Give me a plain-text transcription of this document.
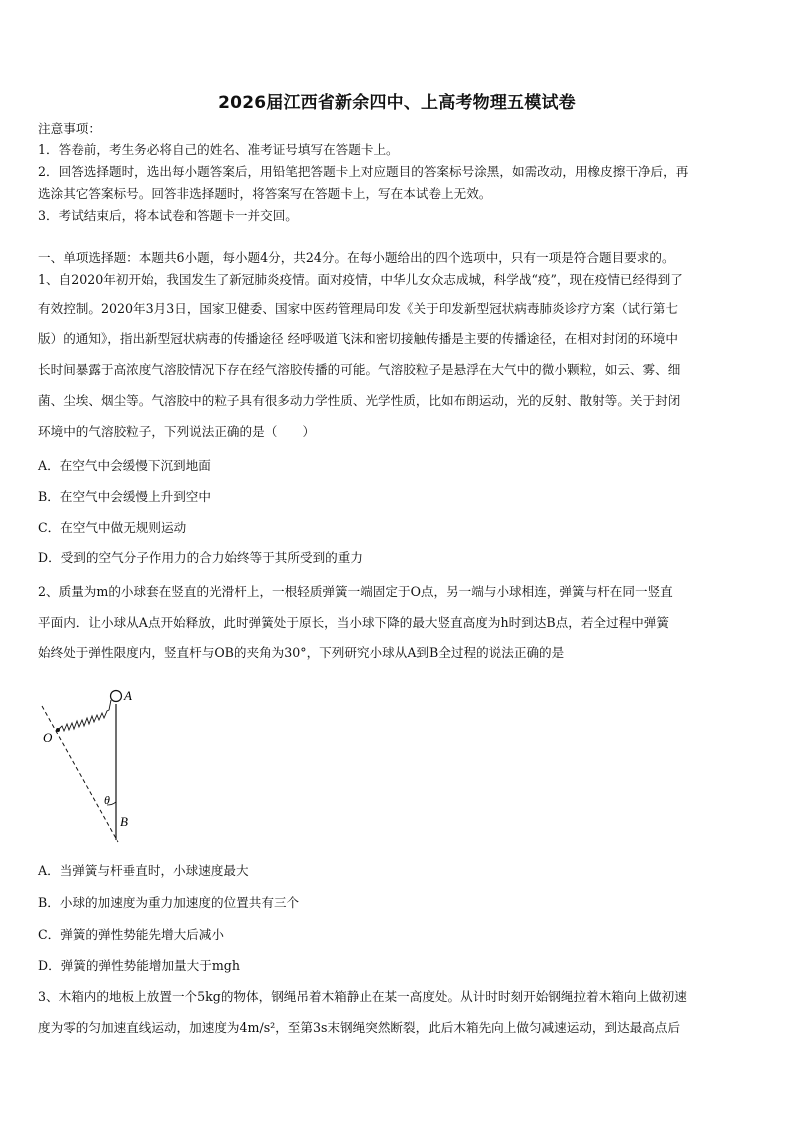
2026届江西省新余四中、上高考物理五模试卷
注意事项：
1．答卷前，考生务必将自己的姓名、准考证号填写在答题卡上。
2．回答选择题时，选出每小题答案后，用铅笔把答题卡上对应题目的答案标号涂黑，如需改动，用橡皮擦干净后，再
选涂其它答案标号。回答非选择题时，将答案写在答题卡上，写在本试卷上无效。
3．考试结束后，将本试卷和答题卡一并交回。
一、单项选择题：本题共6小题，每小题4分，共24分。在每小题给出的四个选项中，只有一项是符合题目要求的。
1、自2020年初开始，我国发生了新冠肺炎疫情。面对疫情，中华儿女众志成城，科学战“疫”，现在疫情已经得到了
有效控制。2020年3月3日，国家卫健委、国家中医药管理局印发《关于印发新型冠状病毒肺炎诊疗方案（试行第七
版）的通知》，指出新型冠状病毒的传播途径 经呼吸道飞沫和密切接触传播是主要的传播途径，在相对封闭的环境中
长时间暴露于高浓度气溶胶情况下存在经气溶胶传播的可能。气溶胶粒子是悬浮在大气中的微小颗粒，如云、雾、细
菌、尘埃、烟尘等。气溶胶中的粒子具有很多动力学性质、光学性质，比如布朗运动，光的反射、散射等。关于封闭
环境中的气溶胶粒子，下列说法正确的是（　　）
A．在空气中会缓慢下沉到地面
B．在空气中会缓慢上升到空中
C．在空气中做无规则运动
D．受到的空气分子作用力的合力始终等于其所受到的重力
2、质量为m的小球套在竖直的光滑杆上，一根轻质弹簧一端固定于O点，另一端与小球相连，弹簧与杆在同一竖直
平面内．让小球从A点开始释放，此时弹簧处于原长，当小球下降的最大竖直高度为h时到达B点，若全过程中弹簧
始终处于弹性限度内，竖直杆与OB的夹角为30°，下列研究小球从A到B全过程的说法正确的是
A
O
θ
B
A．当弹簧与杆垂直时，小球速度最大
B．小球的加速度为重力加速度的位置共有三个
C．弹簧的弹性势能先增大后减小
D．弹簧的弹性势能增加量大于mgh
3、木箱内的地板上放置一个5kg的物体，钢绳吊着木箱静止在某一高度处。从计时时刻开始钢绳拉着木箱向上做初速
度为零的匀加速直线运动，加速度为4m/s²，至第3s末钢绳突然断裂，此后木箱先向上做匀减速运动，到达最高点后
